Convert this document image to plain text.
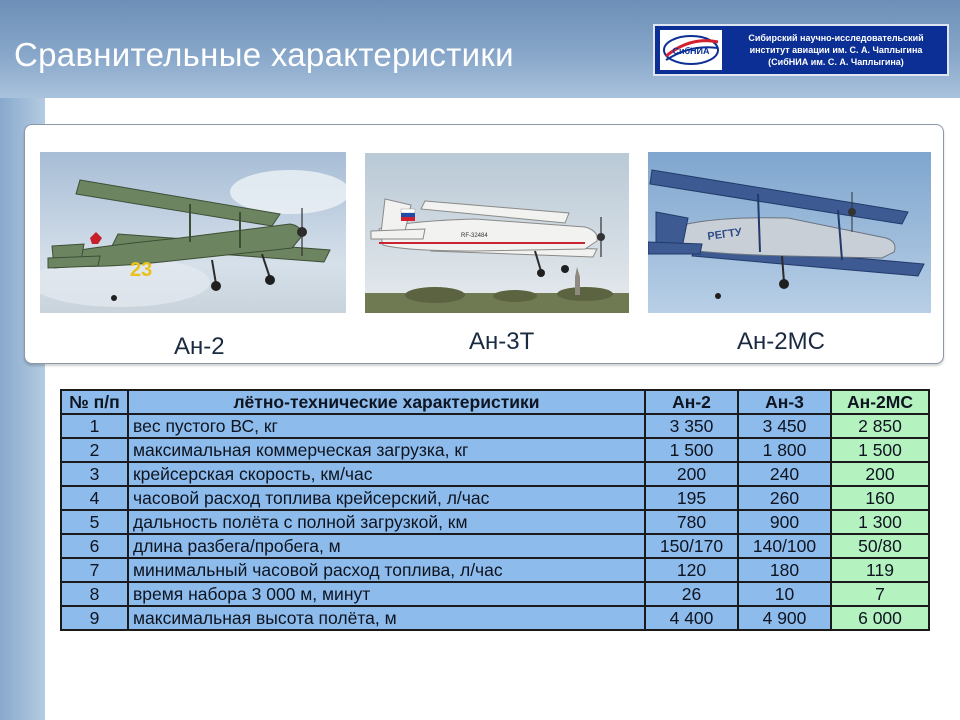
Сравнительные характеристики	СибНИА
Сибирский научно-исследовательский
институт авиации им. С. А. Чаплыгина
(СибНИА им. С. А. Чаплыгина)
23
RF-32484	РЕГТУ
Ан-2	Ан-3Т	Ан-2МС
№ п/п	лётно-технические характеристики	Ан-2	Ан-3	Ан-2МС
1	вес пустого ВС, кг	3 350	3 450	2 850
2	максимальная коммерческая загрузка, кг	1 500	1 800	1 500
3	крейсерская скорость, км/час	200	240	200
4	часовой расход топлива крейсерский, л/час	195	260	160
5	дальность полёта с полной загрузкой, км	780	900	1 300
6	длина разбега/пробега, м	150/170	140/100	50/80
7	минимальный часовой расход топлива, л/час	120	180	119
8	время набора 3 000 м, минут	26	10	7
9	максимальная высота полёта, м	4 400	4 900	6 000
